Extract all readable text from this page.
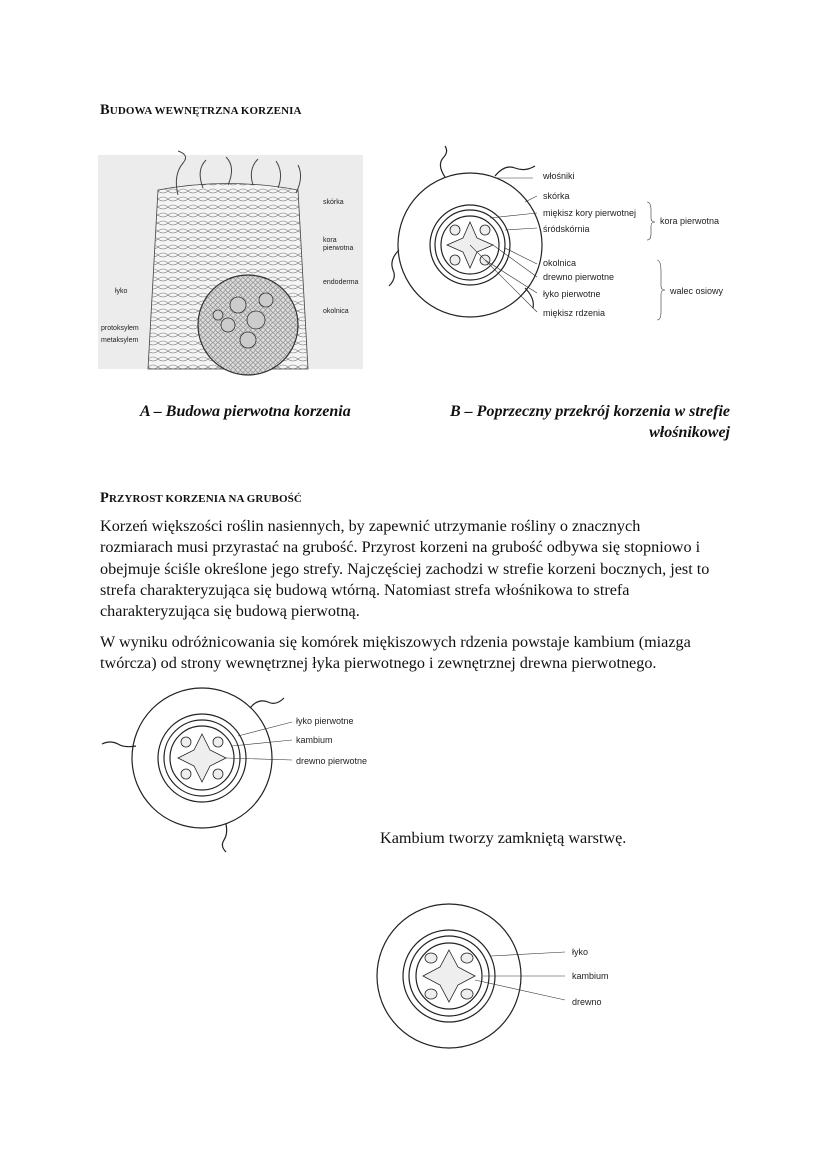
BUDOWA WEWNĘTRZNA KORZENIA
skórka
kora
pierwotna
endoderma
okolnica
łyko
protoksylem
metaksylem
włośniki
skórka
miękisz kory pierwotnej
śródskórnia
kora pierwotna
okolnica
drewno pierwotne
łyko pierwotne
miękisz rdzenia
walec osiowy
A – Budowa pierwotna korzenia	B – Poprzeczny przekrój korzenia w strefie
włośnikowej
PRZYROST KORZENIA NA GRUBOŚĆ

Korzeń większości roślin nasiennych, by zapewnić utrzymanie rośliny o znacznych

rozmiarach musi przyrastać na grubość. Przyrost korzeni na grubość odbywa się stopniowo i

obejmuje ściśle określone jego strefy. Najczęściej zachodzi w strefie korzeni bocznych, jest to

strefa charakteryzująca się budową wtórną. Natomiast strefa włośnikowa to strefa

charakteryzująca się budową pierwotną.

W wyniku odróżnicowania się komórek miękiszowych rdzenia powstaje kambium (miazga

twórcza) od strony wewnętrznej łyka pierwotnego i zewnętrznej drewna pierwotnego.

łyko pierwotne
kambium
drewno pierwotne
Kambium tworzy zamkniętą warstwę.
łyko
kambium
drewno
